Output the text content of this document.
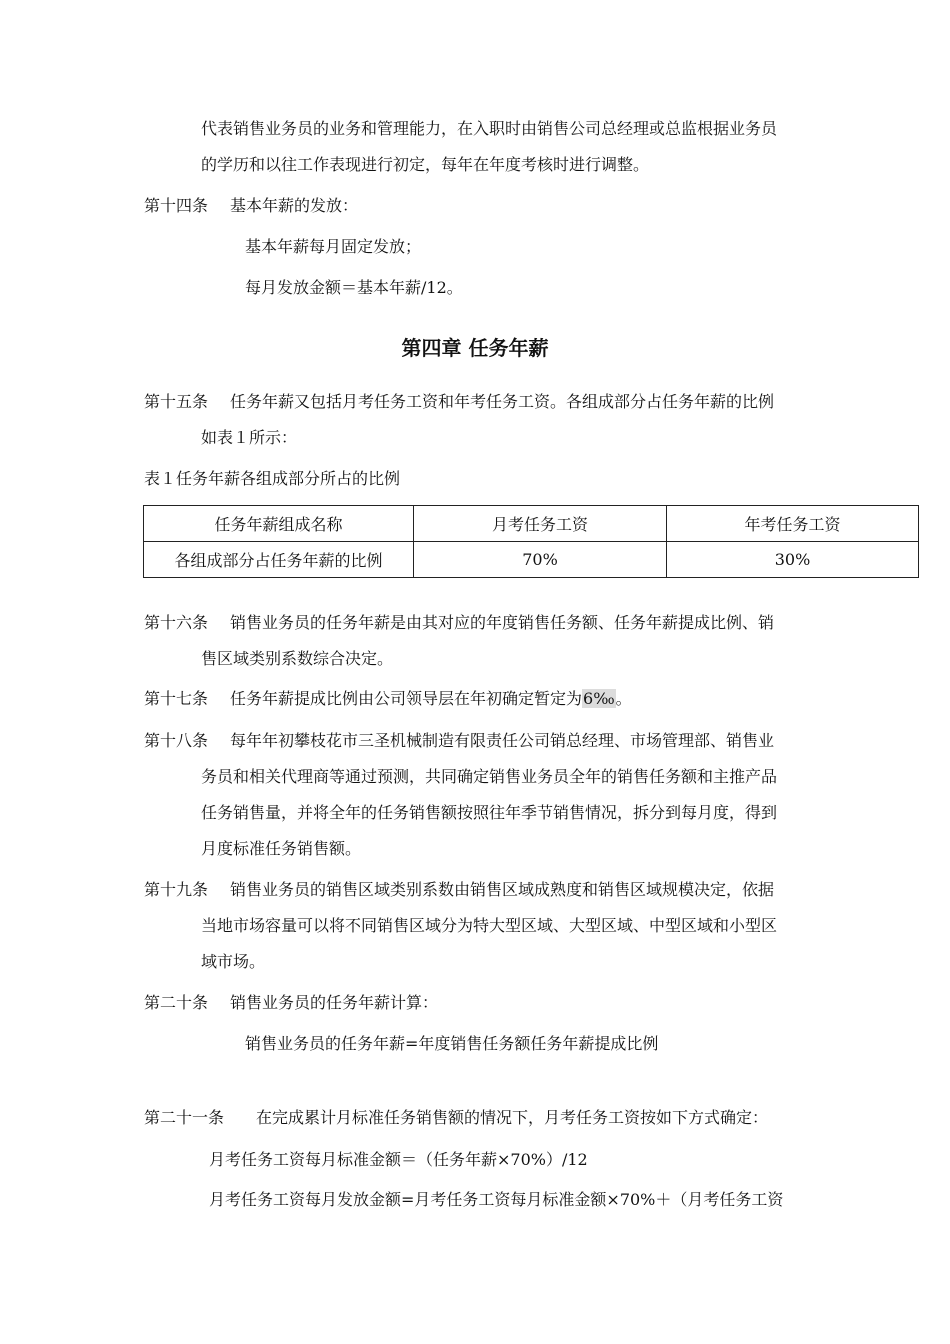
代表销售业务员的业务和管理能力，在入职时由销售公司总经理或总监根据业务员
的学历和以往工作表现进行初定，每年在年度考核时进行调整。
第十四条 基本年薪的发放：
基本年薪每月固定发放；
每月发放金额＝基本年薪/12。
第四章 任务年薪
第十五条 任务年薪又包括月考任务工资和年考任务工资。各组成部分占任务年薪的比例
如表１所示：
表１任务年薪各组成部分所占的比例
任务年薪组成名称	月考任务工资	年考任务工资
各组成部分占任务年薪的比例	70%	30%
第十六条 销售业务员的任务年薪是由其对应的年度销售任务额、任务年薪提成比例、销
售区域类别系数综合决定。
第十七条 任务年薪提成比例由公司领导层在年初确定暂定为6‰。
第十八条 每年年初攀枝花市三圣机械制造有限责任公司销总经理、市场管理部、销售业
务员和相关代理商等通过预测，共同确定销售业务员全年的销售任务额和主推产品
任务销售量，并将全年的任务销售额按照往年季节销售情况，拆分到每月度，得到
月度标准任务销售额。
第十九条 销售业务员的销售区域类别系数由销售区域成熟度和销售区域规模决定，依据
当地市场容量可以将不同销售区域分为特大型区域、大型区域、中型区域和小型区
域市场。
第二十条 销售业务员的任务年薪计算：
销售业务员的任务年薪=年度销售任务额任务年薪提成比例
第二十一条 在完成累计月标准任务销售额的情况下，月考任务工资按如下方式确定：
月考任务工资每月标准金额＝（任务年薪×70%）/12
月考任务工资每月发放金额=月考任务工资每月标准金额×70%＋（月考任务工资
